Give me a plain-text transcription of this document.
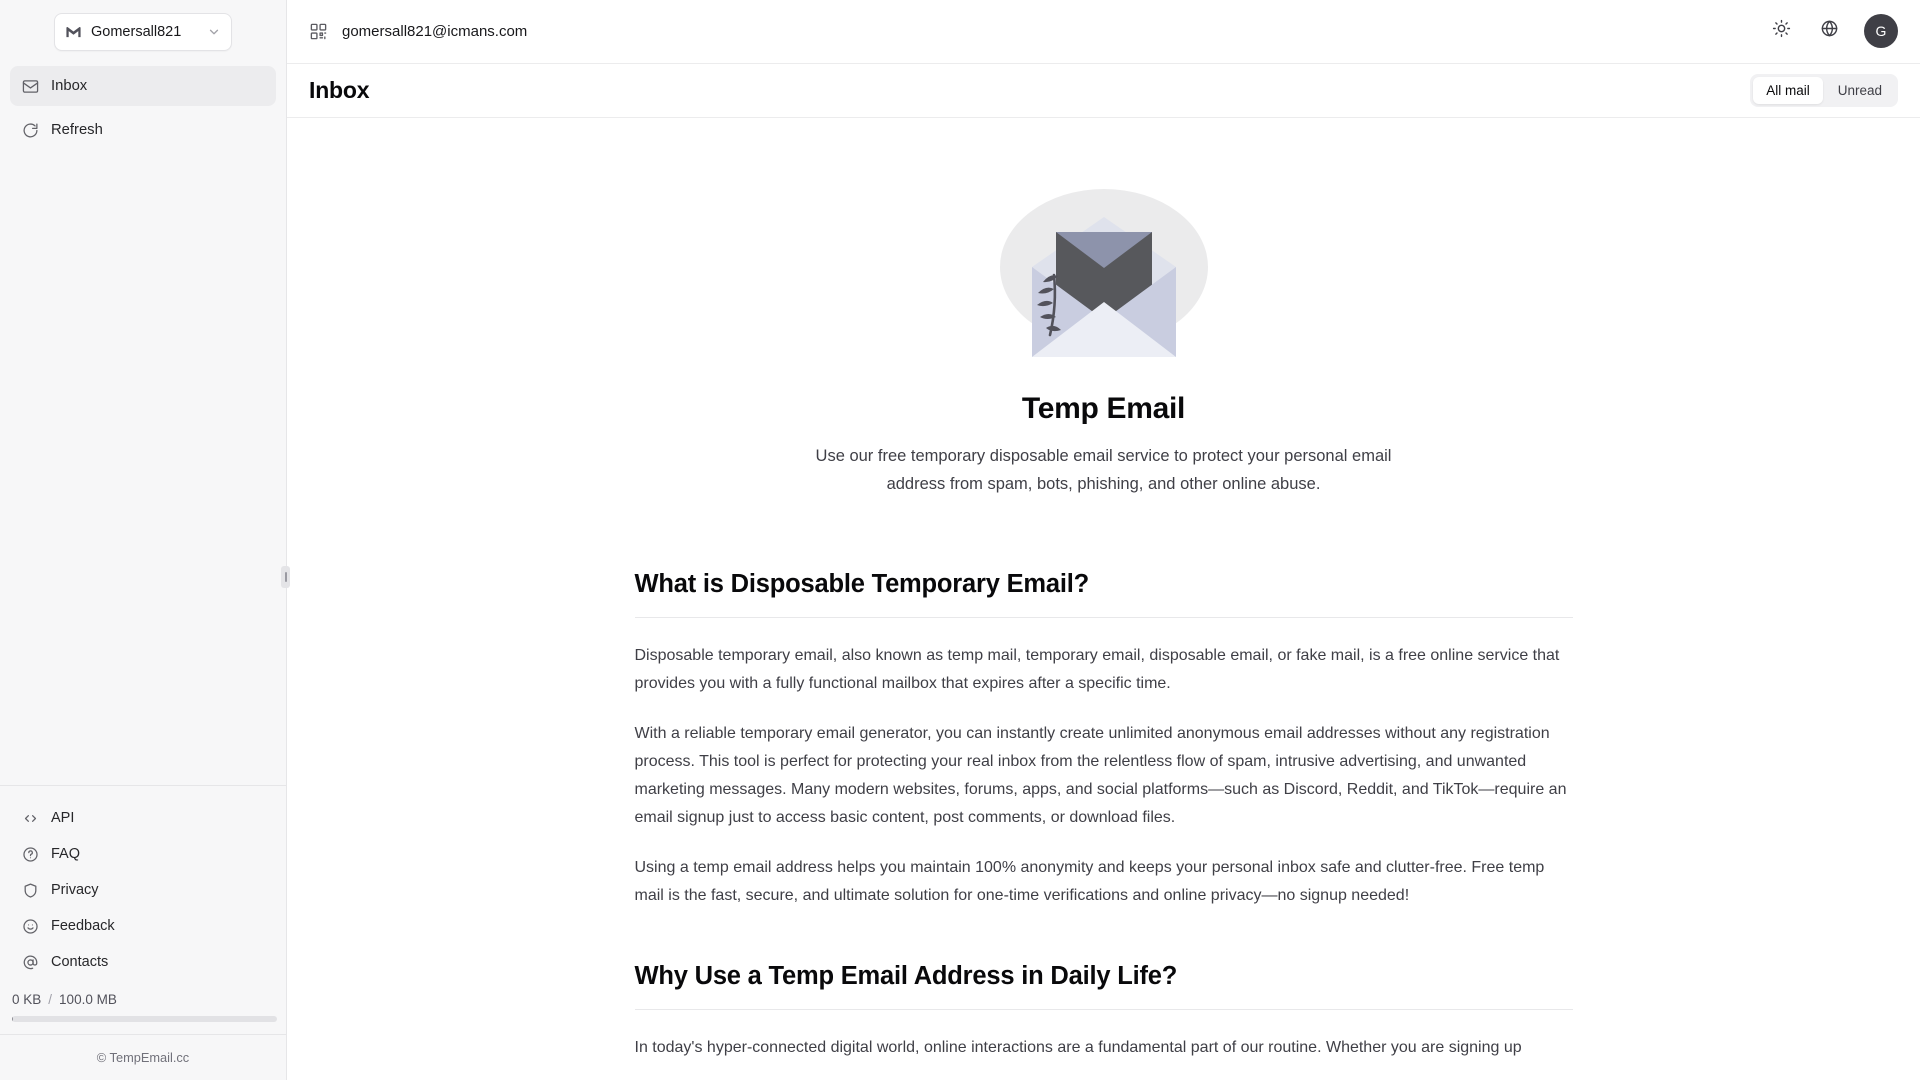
Gomersall821
Inbox
Refresh
API
FAQ
Privacy
Feedback
Contacts
0 KB / 100.0 MB
© TempEmail.cc
gomersall821@icmans.com	G
Inbox	All mail Unread
Temp Email
Use our free temporary disposable email service to protect your personal email address from spam, bots, phishing, and other online abuse.
What is Disposable Temporary Email?

Disposable temporary email, also known as temp mail, temporary email, disposable email, or fake mail, is a free online service that provides you with a fully functional mailbox that expires after a specific time.

With a reliable temporary email generator, you can instantly create unlimited anonymous email addresses without any registration process. This tool is perfect for protecting your real inbox from the relentless flow of spam, intrusive advertising, and unwanted marketing messages. Many modern websites, forums, apps, and social platforms—such as Discord, Reddit, and TikTok—require an email signup just to access basic content, post comments, or download files.

Using a temp email address helps you maintain 100% anonymity and keeps your personal inbox safe and clutter-free. Free temp mail is the fast, secure, and ultimate solution for one-time verifications and online privacy—no signup needed!

Why Use a Temp Email Address in Daily Life?

In today's hyper-connected digital world, online interactions are a fundamental part of our routine. Whether you are signing up
